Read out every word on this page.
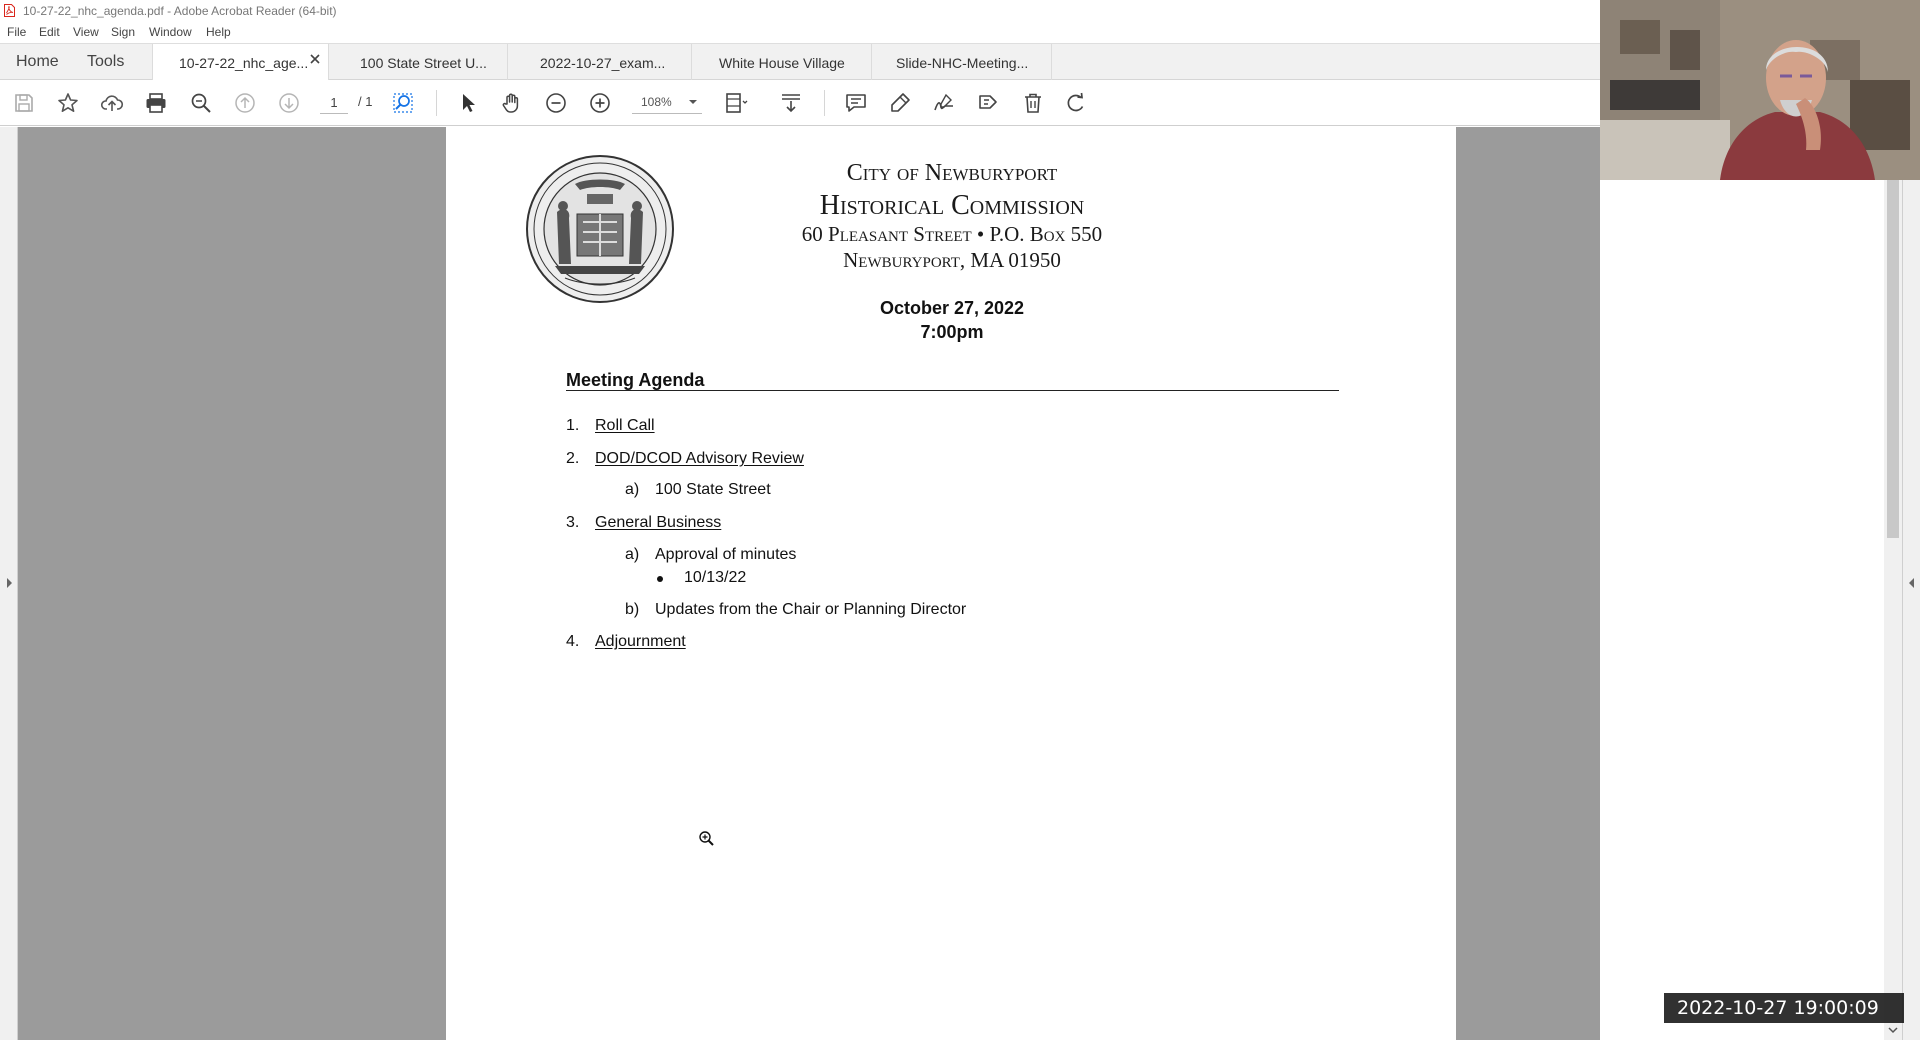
10-27-22_nhc_agenda.pdf - Adobe Acrobat Reader (64-bit)
File Edit View Sign Window Help
Home Tools	10-27-22_nhc_age...	100 State Street U...	2022-10-27_exam...	White House Village	Slide-NHC-Meeting...
/ 1
1	108%
City of Newburyport
Historical Commission
60 Pleasant Street • P.O. Box 550
Newburyport, MA 01950
October 27, 2022
7:00pm
Meeting Agenda
1. Roll Call
2. DOD/DCOD Advisory Review
a) 100 State Street
3. General Business
a) Approval of minutes
10/13/22
b) Updates from the Chair or Planning Director
4. Adjournment
2022-10-27 19:00:09
